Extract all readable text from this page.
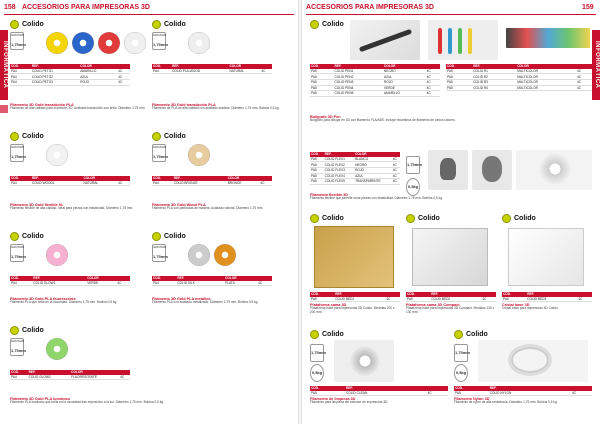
158 ACCESORIOS PARA IMPRESORAS 3D
INFORMÁTICA
Colido
GROSOR
1,75mm
COD.	REF.	COLOR	
PA4	COLID PETG1	AMARILLO	4C
PA4	COLID PETG2	AZUL	4C
PA4	COLID PETG3	ROJO	4C
Filamento 3D Gold translúcido PLA
Filamento de alta calidad para impresión 3D. Acabado translúcido con brillo. Diámetro 1,75 mm.
Colido
GROSOR
1,75mm
COD.	REF.	COLOR	
PA4	COLID PLA-WOOD	NATURAL	4C
Filamento 3D Gold translúcido PLA
Filamento de PLA de alta calidad con acabado madera. Diámetro 1,75 mm. Bobina 0,5 kg.
Colido
GROSOR
1,75mm
COD.	REF.	COLOR	
PA4	COLID WOOD1	NATURAL	4C
Filamento 3D Gold flexible XL
Filamento flexible de alta calidad. Ideal para piezas con elasticidad. Diámetro 1,75 mm.
Colido
GROSOR
1,75mm
COD.	REF.	COLOR	
PA4	COLID BRONZE	BRONCE	4C
Filamento 3D Gold Wood PLA
Filamento PLA con partículas de madera. Acabado natural. Diámetro 1,75 mm.
Colido
GROSOR
1,75mm
COD.	REF.	COLOR	
PA4	COLID GLOW1	VERDE	4C
Filamento 3D Gold PLA fluorescente
Filamento PLA que brilla en la oscuridad. Diámetro 1,75 mm. Bobina 0,5 kg.
Colido
GROSOR
1,75mm
COD.	REF.	COLOR	
PA4	COLID SILK	PLATA	4C
Filamento 3D Gold PLA metálico
Filamento PLA con acabado metalizado. Diámetro 1,75 mm. Bobina 0,5 kg.
Colido
GROSOR
1,75mm
COD.	REF.	COLOR	
PA4	COLID GLOW2	FLUORESCENTE	4C
Filamento 3D Gold PLA luminoso
Filamento PLA luminoso que brilla en la oscuridad tras exposición a la luz. Diámetro 1,75 mm. Bobina 0,5 kg.
ACCESORIOS PARA IMPRESORAS 3D	159
INFORMÁTICA
Colido
COD.	REF.	COLOR	
PA5	COLID PEN1	NEGRO	4C
PA5	COLID PEN2	AZUL	4C
PA5	COLID PEN3	ROJO	4C
PA5	COLID PEN4	VERDE	4C
PA5	COLID PEN5	AMARILLO	4C
COD.	REF.	COLOR	
PA5	COLID R1	MULTICOLOR	4C
PA5	COLID R2	MULTICOLOR	4C
PA5	COLID R3	MULTICOLOR	4C
PA5	COLID R4	MULTICOLOR	4C
Bolígrafo 3D Pen
Bolígrafo para dibujar en 3D con filamento PLA/ABS. Incluye recambios de filamento de varios colores.
COD.	REF.	COLOR	
PA5	COLID FLEX1	BLANCO	4C
PA5	COLID FLEX2	NEGRO	4C
PA5	COLID FLEX3	ROJO	4C
PA5	COLID FLEX4	AZUL	4C
PA5	COLID FLEX5	TRANSPARENTE	4C
1,75mm
0,5kg
Filamento flexible 3D
Filamento flexible que permite crear piezas con elasticidad. Diámetro 1,75 mm. Bobina 0,5 kg.
Colido
COD.	REF.	
PA5	COLID BED1	4C
Plataforma cama 3D
Plataforma base para impresoras 3D Colido. Medidas 200 x 200 mm.
Colido
COD.	REF.	
PA5	COLID BED2	4C
Plataforma cama 3D Compact
Plataforma base para impresoras 3D Compact. Medidas 130 x 130 mm.
Colido
COD.	REF.	
PA5	COLID BED3	4C
Cristal base 3D
Cristal base para impresoras 3D Colido.
Colido
1,75mm
0,5kg
COD.	REF.	
PA5	COLID CLEAN	4C
Filamento de limpieza 3D
Filamento para limpieza del extrusor de impresoras 3D.
Colido
1,75mm
0,5kg
COD.	REF.	
PA5	COLID NYLON	4C
Filamento Nylon 3D
Filamento de nylon de alta resistencia. Diámetro 1,75 mm. Bobina 0,5 kg.
